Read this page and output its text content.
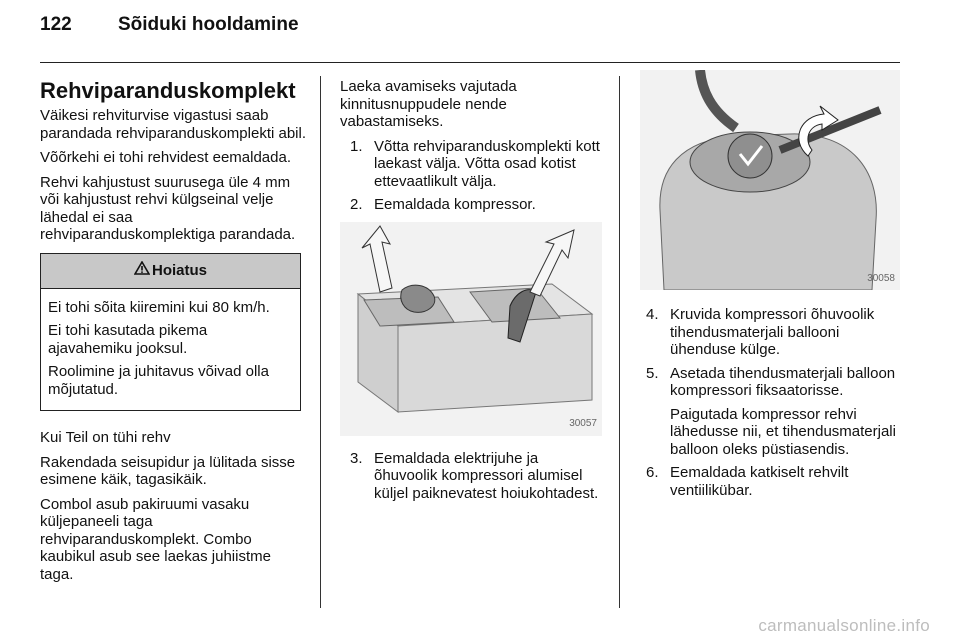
122	Sõiduki hooldamine
Rehviparanduskomplekt

Väikesi rehviturvise vigastusi saab parandada rehviparanduskomplekti abil.

Võõrkehi ei tohi rehvidest eemaldada.

Rehvi kahjustust suurusega üle 4 mm või kahjustust rehvi külgseinal velje lähedal ei saa rehviparanduskomplektiga parandada.

Hoiatus

Ei tohi sõita kiiremini kui 80 km/h.

Ei tohi kasutada pikema ajavahemiku jooksul.

Roolimine ja juhitavus võivad olla mõjutatud.

Kui Teil on tühi rehv

Rakendada seisupidur ja lülitada sisse esimene käik, tagasikäik.

Combol asub pakiruumi vasaku küljepaneeli taga rehviparanduskomplekt. Combo kaubikul asub see laekas juhiistme taga.

Laeka avamiseks vajutada kinnitusnuppudele nende vabastamiseks.

1. Võtta rehviparanduskomplekti kott laekast välja. Võtta osad kotist ettevaatlikult välja.
2. Eemaldada kompressor.
30057
3. Eemaldada elektrijuhe ja õhuvoolik kompressori alumisel küljel paiknevatest hoiukohtadest.
30058
4. Kruvida kompressori õhuvoolik tihendusmaterjali ballooni ühenduse külge.
5. Asetada tihendusmaterjali balloon kompressori fiksaatorisse.
Paigutada kompressor rehvi lähedusse nii, et tihendusmaterjali balloon oleks püstiasendis.
6. Eemaldada katkiselt rehvilt ventiilikübar.
carmanualsonline.info
